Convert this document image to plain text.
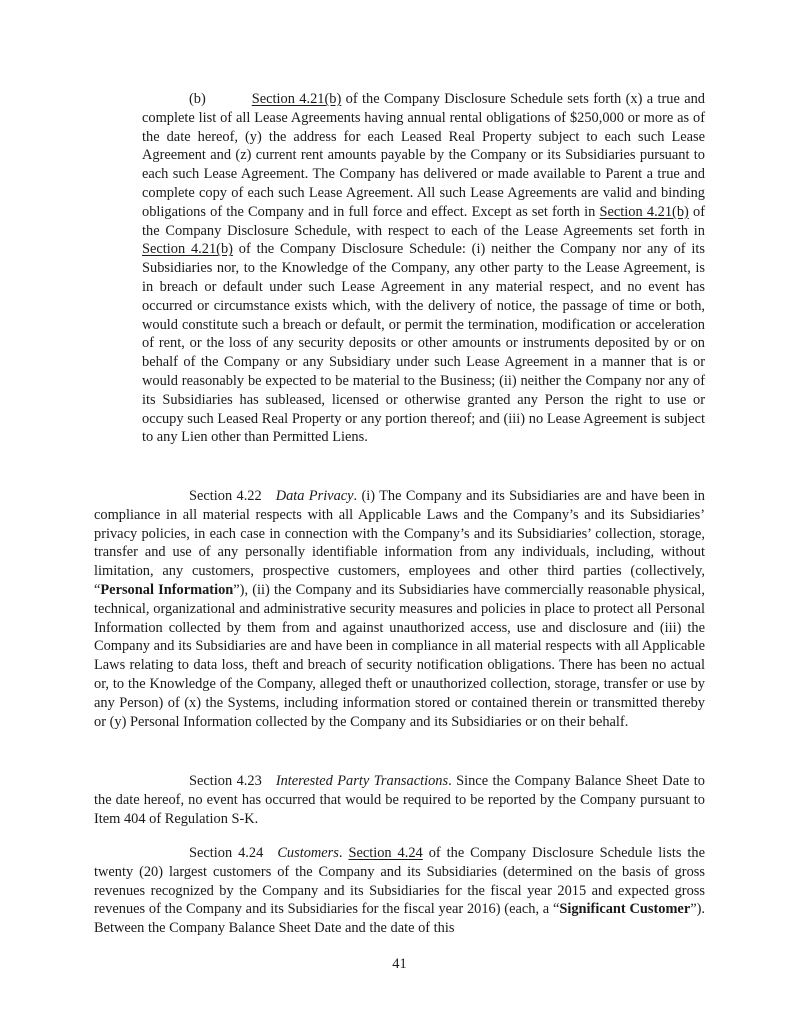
(b)	Section 4.21(b) of the Company Disclosure Schedule sets forth (x) a true and complete list of all Lease Agreements having annual rental obligations of $250,000 or more as of the date hereof, (y) the address for each Leased Real Property subject to each such Lease Agreement and (z) current rent amounts payable by the Company or its Subsidiaries pursuant to each such Lease Agreement. The Company has delivered or made available to Parent a true and complete copy of each such Lease Agreement. All such Lease Agreements are valid and binding obligations of the Company and in full force and effect. Except as set forth in Section 4.21(b) of the Company Disclosure Schedule, with respect to each of the Lease Agreements set forth in Section 4.21(b) of the Company Disclosure Schedule: (i) neither the Company nor any of its Subsidiaries nor, to the Knowledge of the Company, any other party to the Lease Agreement, is in breach or default under such Lease Agreement in any material respect, and no event has occurred or circumstance exists which, with the delivery of notice, the passage of time or both, would constitute such a breach or default, or permit the termination, modification or acceleration of rent, or the loss of any security deposits or other amounts or instruments deposited by or on behalf of the Company or any Subsidiary under such Lease Agreement in a manner that is or would reasonably be expected to be material to the Business; (ii) neither the Company nor any of its Subsidiaries has subleased, licensed or otherwise granted any Person the right to use or occupy such Leased Real Property or any portion thereof; and (iii) no Lease Agreement is subject to any Lien other than Permitted Liens.

Section 4.22 Data Privacy. (i) The Company and its Subsidiaries are and have been in compliance in all material respects with all Applicable Laws and the Company’s and its Subsidiaries’ privacy policies, in each case in connection with the Company’s and its Subsidiaries’ collection, storage, transfer and use of any personally identifiable information from any individuals, including, without limitation, any customers, prospective customers, employees and other third parties (collectively, “Personal Information”), (ii) the Company and its Subsidiaries have commercially reasonable physical, technical, organizational and administrative security measures and policies in place to protect all Personal Information collected by them from and against unauthorized access, use and disclosure and (iii) the Company and its Subsidiaries are and have been in compliance in all material respects with all Applicable Laws relating to data loss, theft and breach of security notification obligations. There has been no actual or, to the Knowledge of the Company, alleged theft or unauthorized collection, storage, transfer or use by any Person) of (x) the Systems, including information stored or contained therein or transmitted thereby or (y) Personal Information collected by the Company and its Subsidiaries or on their behalf.

Section 4.23 Interested Party Transactions. Since the Company Balance Sheet Date to the date hereof, no event has occurred that would be required to be reported by the Company pursuant to Item 404 of Regulation S-K.

Section 4.24 Customers. Section 4.24 of the Company Disclosure Schedule lists the twenty (20) largest customers of the Company and its Subsidiaries (determined on the basis of gross revenues recognized by the Company and its Subsidiaries for the fiscal year 2015 and expected gross revenues of the Company and its Subsidiaries for the fiscal year 2016) (each, a “Significant Customer”). Between the Company Balance Sheet Date and the date of this

41
